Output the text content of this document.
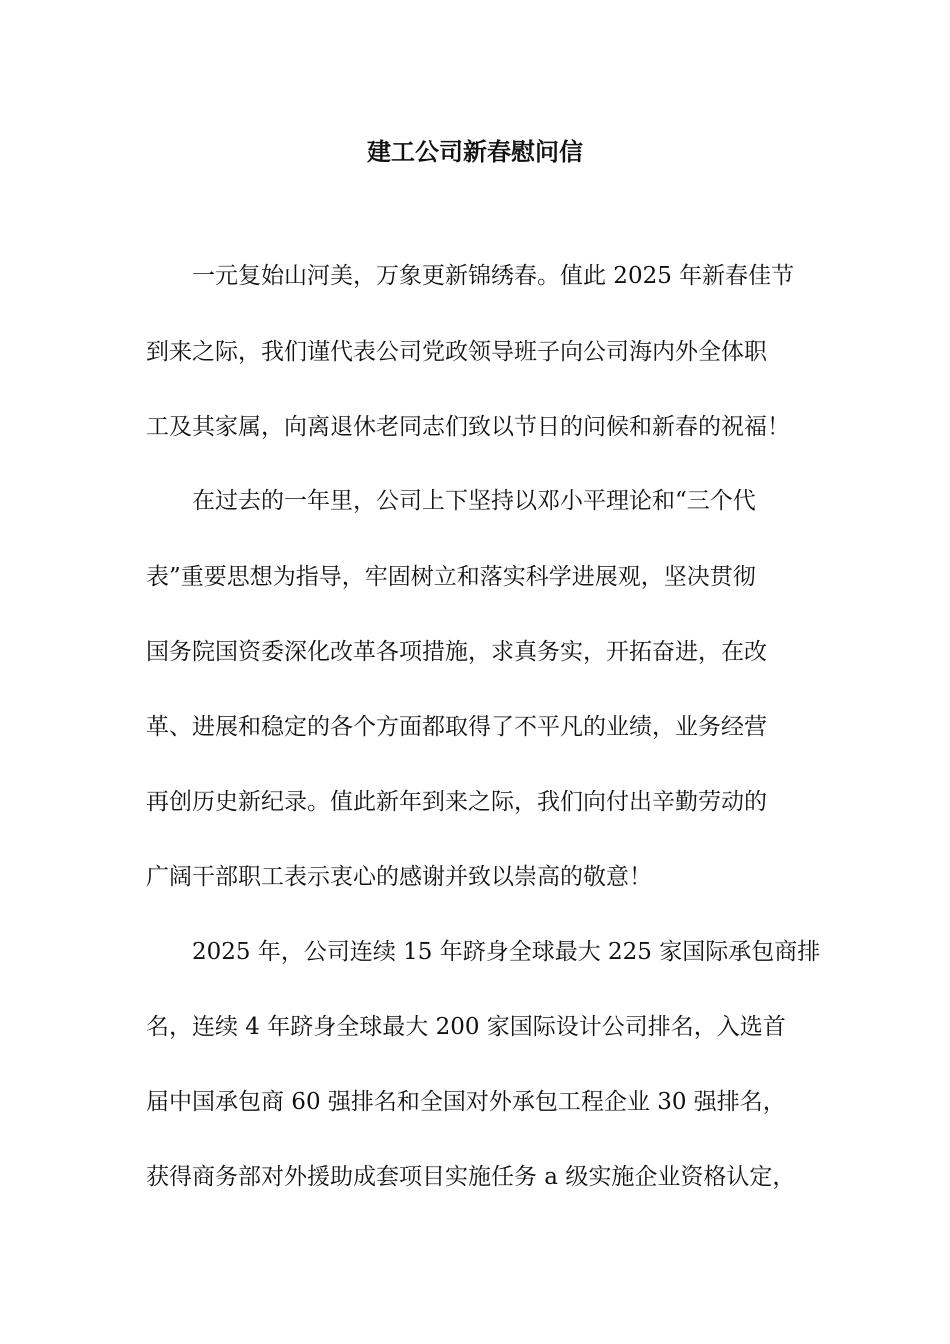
建工公司新春慰问信
一元复始山河美，万象更新锦绣春。值此 2025 年新春佳节
到来之际，我们谨代表公司党政领导班子向公司海内外全体职
工及其家属，向离退休老同志们致以节日的问候和新春的祝福！
在过去的一年里，公司上下坚持以邓小平理论和“三个代
表”重要思想为指导，牢固树立和落实科学进展观，坚决贯彻
国务院国资委深化改革各项措施，求真务实，开拓奋进，在改
革、进展和稳定的各个方面都取得了不平凡的业绩，业务经营
再创历史新纪录。值此新年到来之际，我们向付出辛勤劳动的
广阔干部职工表示衷心的感谢并致以崇高的敬意！
2025 年，公司连续 15 年跻身全球最大 225 家国际承包商排
名，连续 4 年跻身全球最大 200 家国际设计公司排名，入选首
届中国承包商 60 强排名和全国对外承包工程企业 30 强排名，
获得商务部对外援助成套项目实施任务 a 级实施企业资格认定，
